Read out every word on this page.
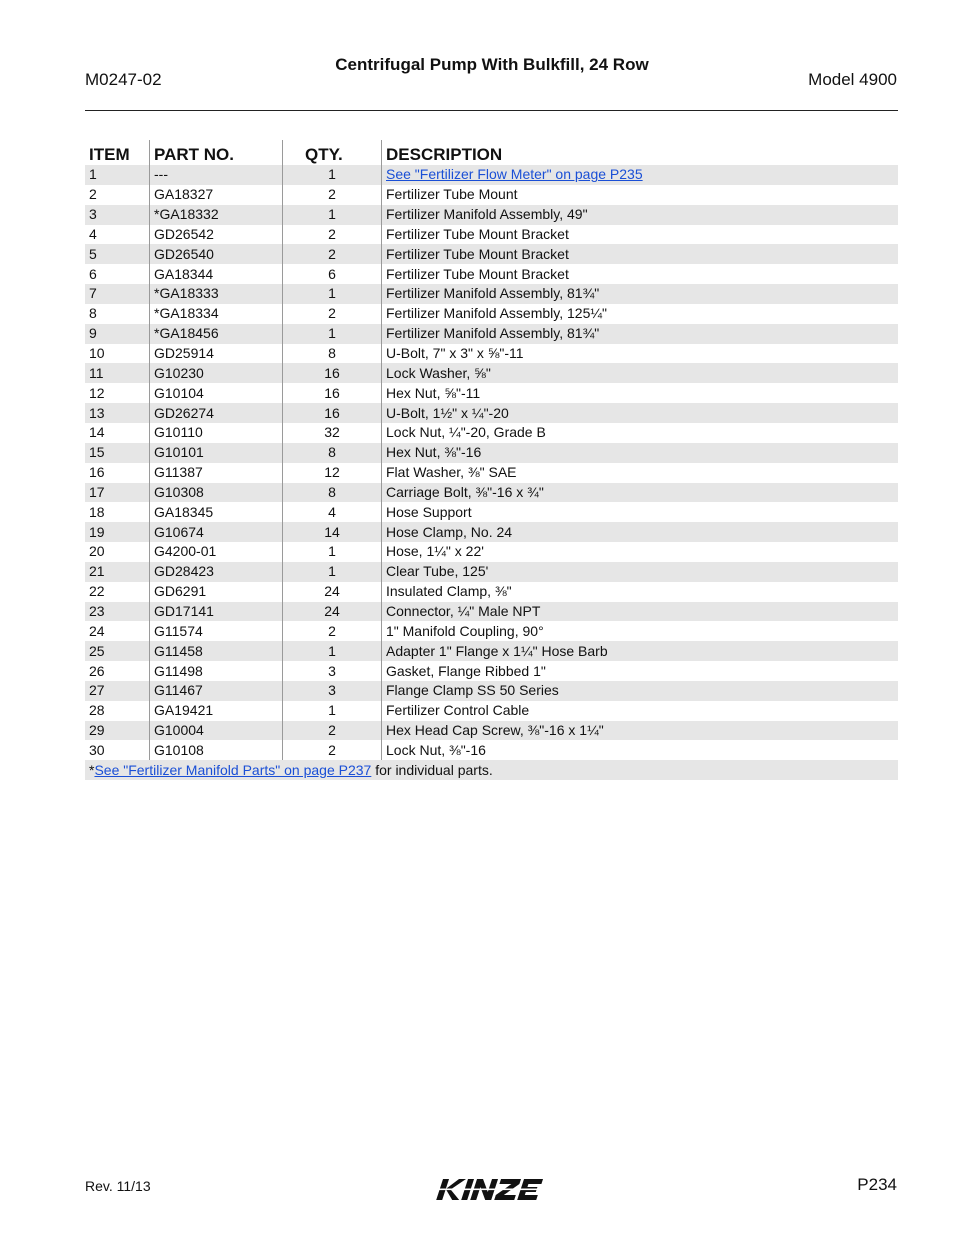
M0247-02
Centrifugal Pump With Bulkfill, 24 Row
Model 4900
ITEM	PART NO.	QTY.	DESCRIPTION
1	---	1	See "Fertilizer Flow Meter" on page P235
2	GA18327	2	Fertilizer Tube Mount
3	*GA18332	1	Fertilizer Manifold Assembly, 49"
4	GD26542	2	Fertilizer Tube Mount Bracket
5	GD26540	2	Fertilizer Tube Mount Bracket
6	GA18344	6	Fertilizer Tube Mount Bracket
7	*GA18333	1	Fertilizer Manifold Assembly, 81¾"
8	*GA18334	2	Fertilizer Manifold Assembly, 125¼"
9	*GA18456	1	Fertilizer Manifold Assembly, 81¾"
10	GD25914	8	U-Bolt, 7" x 3" x ⅝"-11
11	G10230	16	Lock Washer, ⅝"
12	G10104	16	Hex Nut, ⅝"-11
13	GD26274	16	U-Bolt, 1½" x ¼"-20
14	G10110	32	Lock Nut, ¼"-20, Grade B
15	G10101	8	Hex Nut, ⅜"-16
16	G11387	12	Flat Washer, ⅜" SAE
17	G10308	8	Carriage Bolt, ⅜"-16 x ¾"
18	GA18345	4	Hose Support
19	G10674	14	Hose Clamp, No. 24
20	G4200-01	1	Hose, 1¼" x 22'
21	GD28423	1	Clear Tube, 125'
22	GD6291	24	Insulated Clamp, ⅜"
23	GD17141	24	Connector, ¼" Male NPT
24	G11574	2	1" Manifold Coupling, 90°
25	G11458	1	Adapter 1" Flange x 1¼" Hose Barb
26	G11498	3	Gasket, Flange Ribbed 1"
27	G11467	3	Flange Clamp SS 50 Series
28	GA19421	1	Fertilizer Control Cable
29	G10004	2	Hex Head Cap Screw, ⅜"-16 x 1¼"
30	G10108	2	Lock Nut, ⅜"-16
*See "Fertilizer Manifold Parts" on page P237 for individual parts.			
Rev. 11/13	P234
